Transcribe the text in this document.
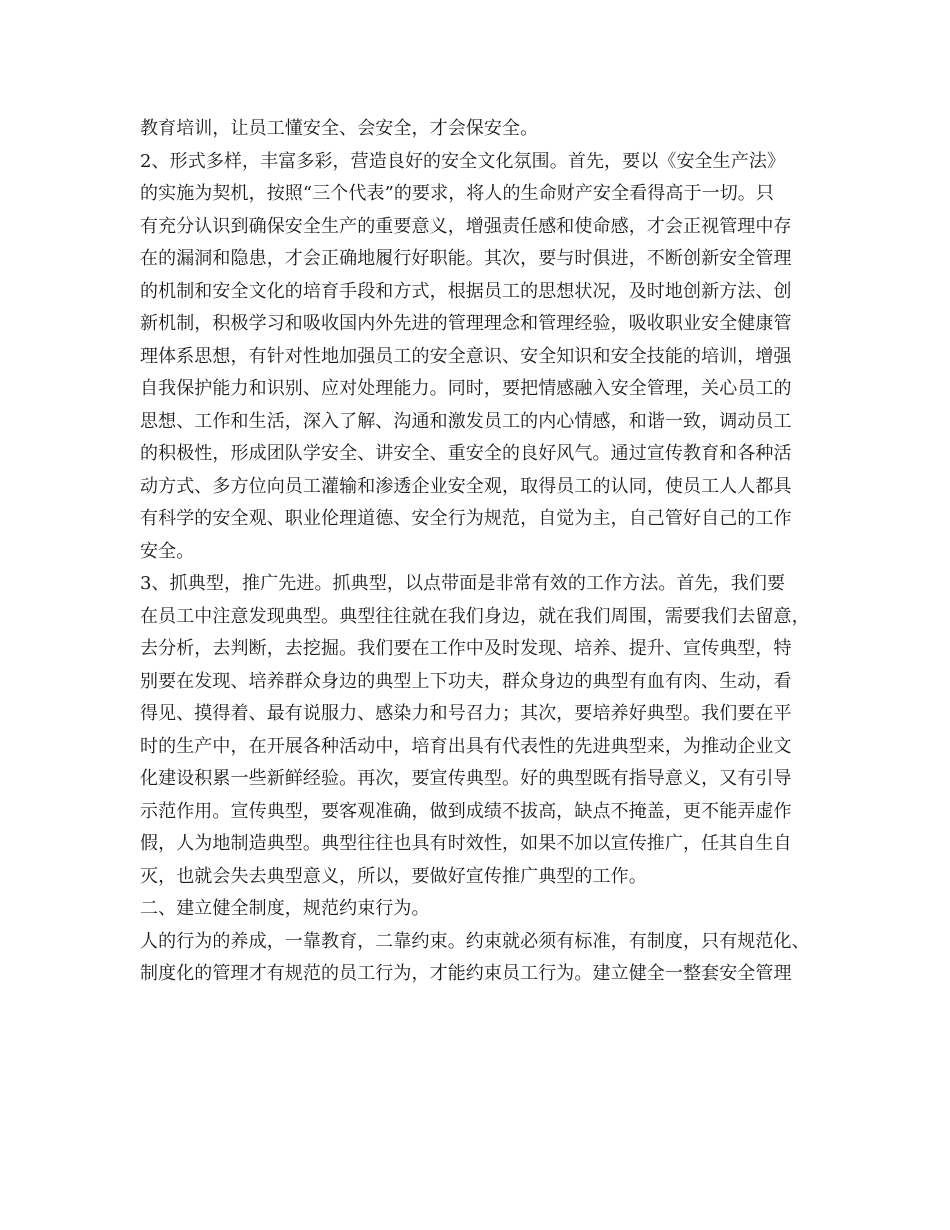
教育培训，让员工懂安全、会安全，才会保安全。
2、形式多样，丰富多彩，营造良好的安全文化氛围。首先，要以《安全生产法》
的实施为契机，按照“三个代表”的要求，将人的生命财产安全看得高于一切。只
有充分认识到确保安全生产的重要意义，增强责任感和使命感，才会正视管理中存
在的漏洞和隐患，才会正确地履行好职能。其次，要与时俱进，不断创新安全管理
的机制和安全文化的培育手段和方式，根据员工的思想状况，及时地创新方法、创
新机制，积极学习和吸收国内外先进的管理理念和管理经验，吸收职业安全健康管
理体系思想，有针对性地加强员工的安全意识、安全知识和安全技能的培训，增强
自我保护能力和识别、应对处理能力。同时，要把情感融入安全管理，关心员工的
思想、工作和生活，深入了解、沟通和激发员工的内心情感，和谐一致，调动员工
的积极性，形成团队学安全、讲安全、重安全的良好风气。通过宣传教育和各种活
动方式、多方位向员工灌输和渗透企业安全观，取得员工的认同，使员工人人都具
有科学的安全观、职业伦理道德、安全行为规范，自觉为主，自己管好自己的工作
安全。
3、抓典型，推广先进。抓典型，以点带面是非常有效的工作方法。首先，我们要
在员工中注意发现典型。典型往往就在我们身边，就在我们周围，需要我们去留意，
去分析，去判断，去挖掘。我们要在工作中及时发现、培养、提升、宣传典型，特
别要在发现、培养群众身边的典型上下功夫，群众身边的典型有血有肉、生动，看
得见、摸得着、最有说服力、感染力和号召力；其次，要培养好典型。我们要在平
时的生产中，在开展各种活动中，培育出具有代表性的先进典型来，为推动企业文
化建设积累一些新鲜经验。再次，要宣传典型。好的典型既有指导意义，又有引导
示范作用。宣传典型，要客观准确，做到成绩不拔高，缺点不掩盖，更不能弄虚作
假，人为地制造典型。典型往往也具有时效性，如果不加以宣传推广，任其自生自
灭，也就会失去典型意义，所以，要做好宣传推广典型的工作。
二、建立健全制度，规范约束行为。
人的行为的养成，一靠教育，二靠约束。约束就必须有标准，有制度，只有规范化、
制度化的管理才有规范的员工行为，才能约束员工行为。建立健全一整套安全管理
